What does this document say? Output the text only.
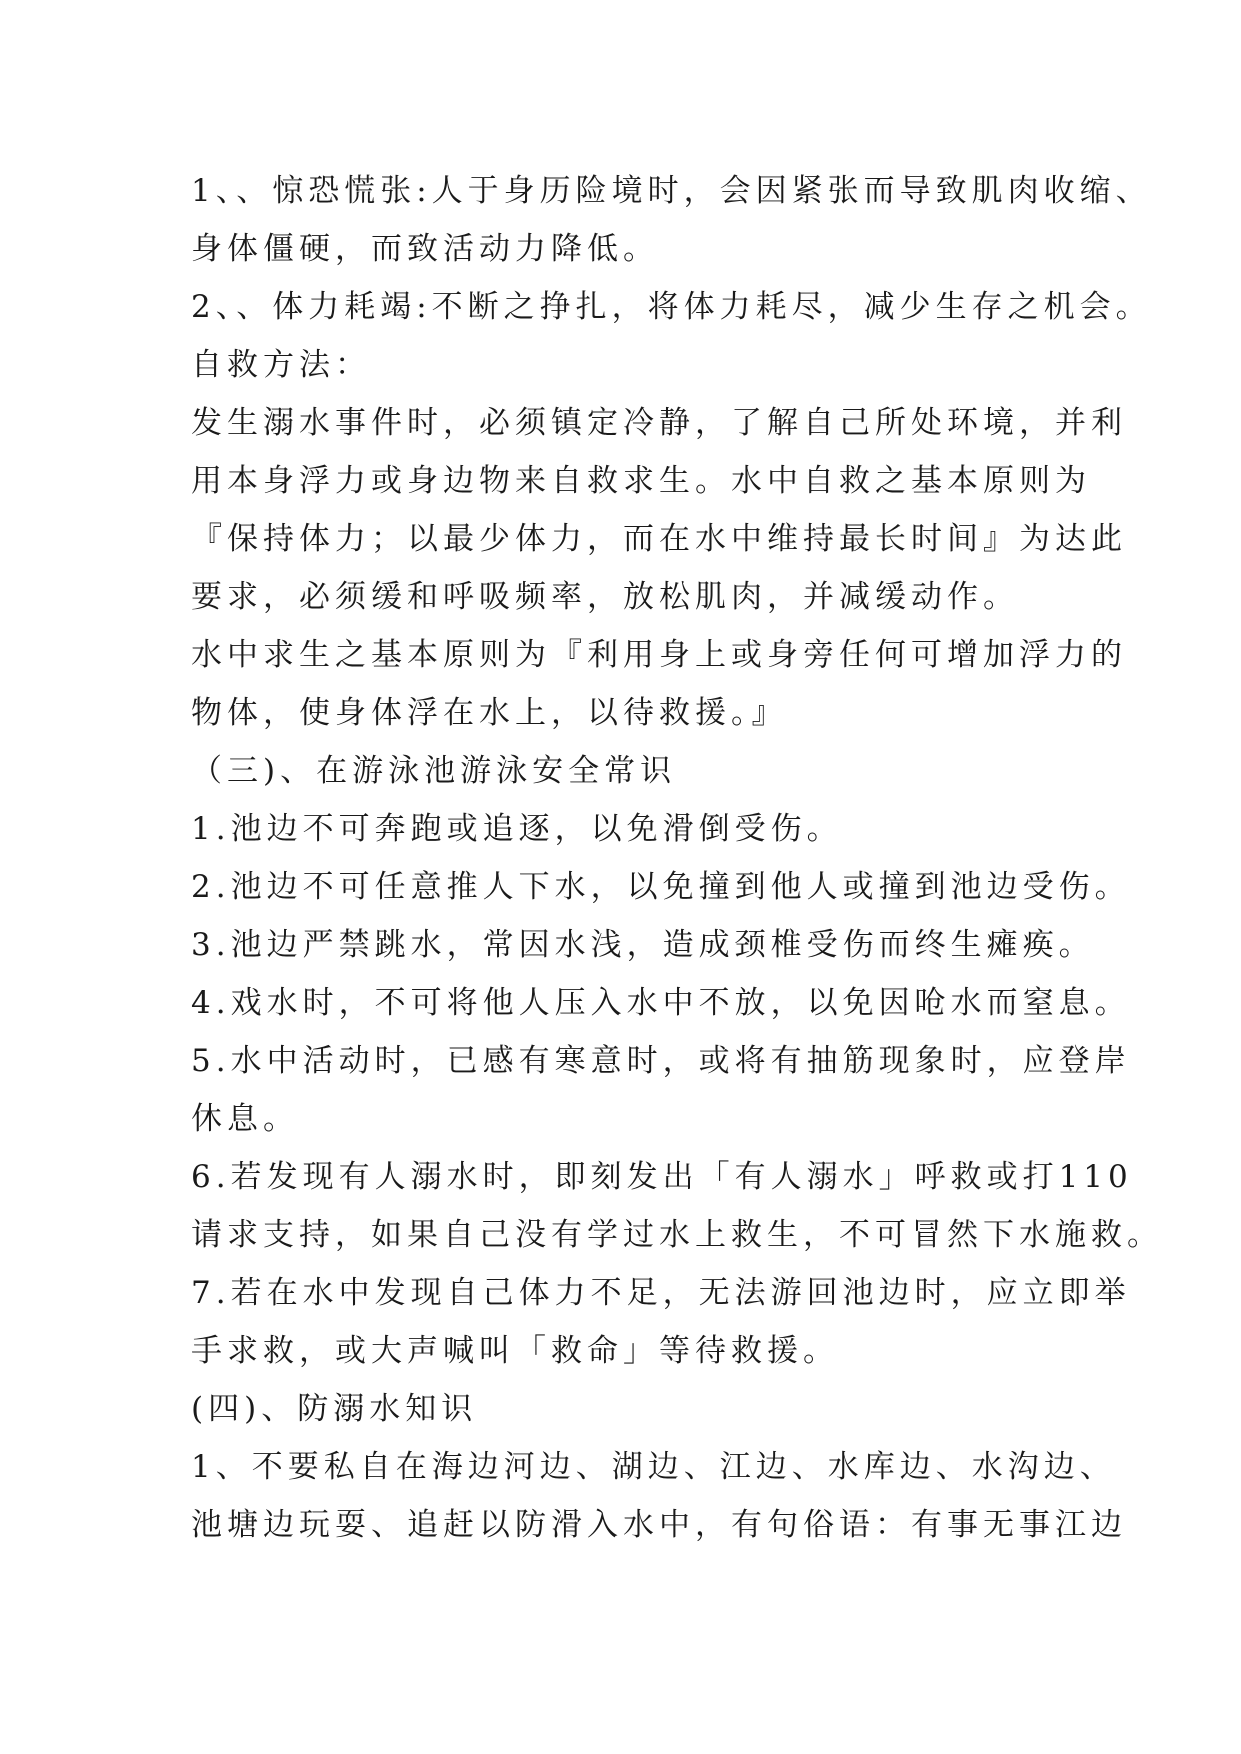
1、、惊恐慌张:人于身历险境时，会因紧张而导致肌肉收缩、
身体僵硬，而致活动力降低。
2、、体力耗竭:不断之挣扎，将体力耗尽，减少生存之机会。
自救方法：
发生溺水事件时，必须镇定冷静，了解自己所处环境，并利
用本身浮力或身边物来自救求生。水中自救之基本原则为
『保持体力；以最少体力，而在水中维持最长时间』为达此
要求，必须缓和呼吸频率，放松肌肉，并减缓动作。
水中求生之基本原则为『利用身上或身旁任何可增加浮力的
物体，使身体浮在水上，以待救援。』
（三)、在游泳池游泳安全常识
1.池边不可奔跑或追逐，以免滑倒受伤。
2.池边不可任意推人下水，以免撞到他人或撞到池边受伤。
3.池边严禁跳水，常因水浅，造成颈椎受伤而终生瘫痪。
4.戏水时，不可将他人压入水中不放，以免因呛水而窒息。
5.水中活动时，已感有寒意时，或将有抽筋现象时，应登岸
休息。
6.若发现有人溺水时，即刻发出「有人溺水」呼救或打110
请求支持，如果自己没有学过水上救生，不可冒然下水施救。
7.若在水中发现自己体力不足，无法游回池边时，应立即举
手求救，或大声喊叫「救命」等待救援。
(四)、防溺水知识
1、不要私自在海边河边、湖边、江边、水库边、水沟边、
池塘边玩耍、追赶以防滑入水中，有句俗语：有事无事江边
